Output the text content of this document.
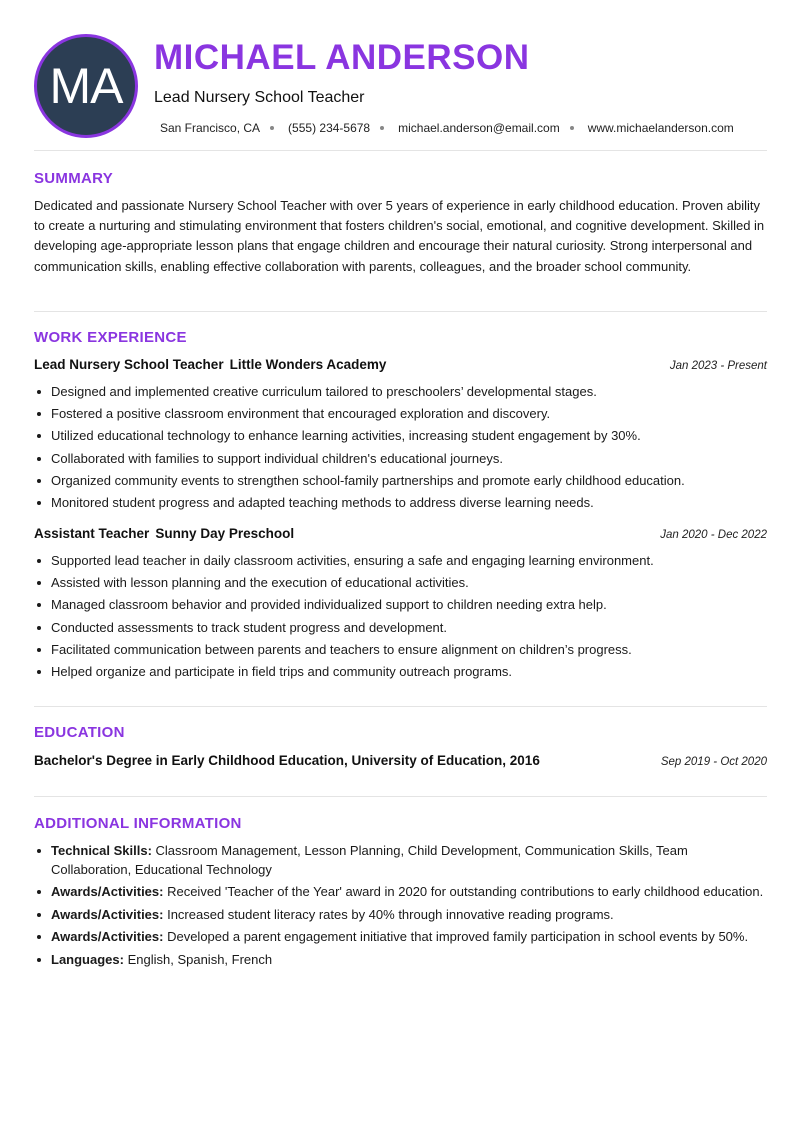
MA
MICHAEL ANDERSON
Lead Nursery School Teacher
San Francisco, CA (555) 234-5678 michael.anderson@email.com www.michaelanderson.com
SUMMARY
Dedicated and passionate Nursery School Teacher with over 5 years of experience in early childhood education. Proven ability to create a nurturing and stimulating environment that fosters children's social, emotional, and cognitive development. Skilled in developing age-appropriate lesson plans that engage children and encourage their natural curiosity. Strong interpersonal and communication skills, enabling effective collaboration with parents, colleagues, and the broader school community.
WORK EXPERIENCE
Lead Nursery School Teacher Little Wonders Academy	Jan 2023 - Present
Designed and implemented creative curriculum tailored to preschoolers’ developmental stages.
Fostered a positive classroom environment that encouraged exploration and discovery.
Utilized educational technology to enhance learning activities, increasing student engagement by 30%.
Collaborated with families to support individual children's educational journeys.
Organized community events to strengthen school-family partnerships and promote early childhood education.
Monitored student progress and adapted teaching methods to address diverse learning needs.
Assistant Teacher Sunny Day Preschool	Jan 2020 - Dec 2022
Supported lead teacher in daily classroom activities, ensuring a safe and engaging learning environment.
Assisted with lesson planning and the execution of educational activities.
Managed classroom behavior and provided individualized support to children needing extra help.
Conducted assessments to track student progress and development.
Facilitated communication between parents and teachers to ensure alignment on children’s progress.
Helped organize and participate in field trips and community outreach programs.
EDUCATION
Bachelor's Degree in Early Childhood Education, University of Education, 2016	Sep 2019 - Oct 2020
ADDITIONAL INFORMATION
Technical Skills: Classroom Management, Lesson Planning, Child Development, Communication Skills, Team Collaboration, Educational Technology
Awards/Activities: Received 'Teacher of the Year' award in 2020 for outstanding contributions to early childhood education.
Awards/Activities: Increased student literacy rates by 40% through innovative reading programs.
Awards/Activities: Developed a parent engagement initiative that improved family participation in school events by 50%.
Languages: English, Spanish, French
